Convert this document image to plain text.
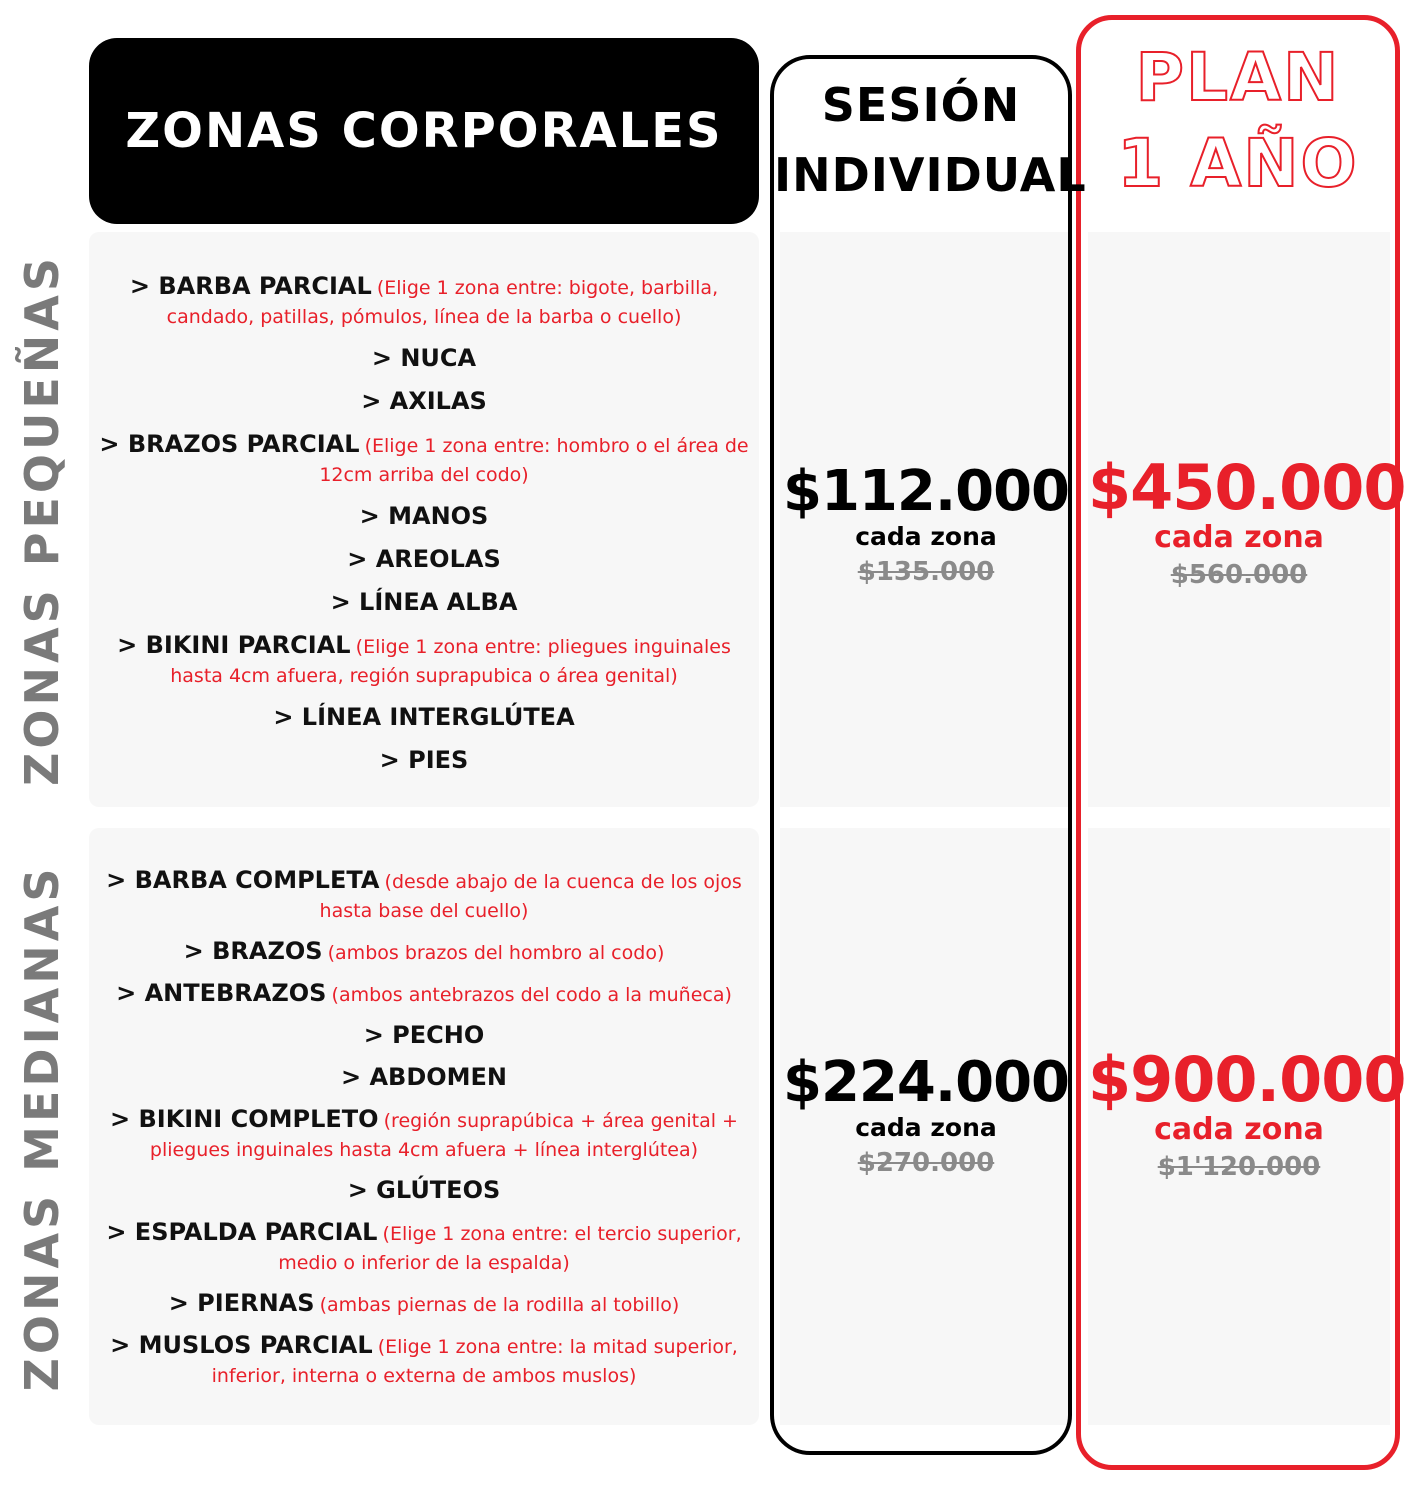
ZONAS CORPORALES	SESIÓN
INDIVIDUAL
PLAN
1 AÑO
ZONAS PEQUEÑAS
ZONAS MEDIANAS
> BARBA PARCIAL (Elige 1 zona entre: bigote, barbilla, candado, patillas, pómulos, línea de la barba o cuello)
> NUCA
> AXILAS
> BRAZOS PARCIAL (Elige 1 zona entre: hombro o el área de 12cm arriba del codo)
> MANOS
> AREOLAS
> LÍNEA ALBA
> BIKINI PARCIAL (Elige 1 zona entre: pliegues inguinales hasta 4cm afuera, región suprapubica o área genital)
> LÍNEA INTERGLÚTEA
> PIES
> BARBA COMPLETA (desde abajo de la cuenca de los ojos hasta base del cuello)
> BRAZOS (ambos brazos del hombro al codo)
> ANTEBRAZOS (ambos antebrazos del codo a la muñeca)
> PECHO
> ABDOMEN
> BIKINI COMPLETO (región suprapúbica + área genital + pliegues inguinales hasta 4cm afuera + línea interglútea)
> GLÚTEOS
> ESPALDA PARCIAL (Elige 1 zona entre: el tercio superior, medio o inferior de la espalda)
> PIERNAS (ambas piernas de la rodilla al tobillo)
> MUSLOS PARCIAL (Elige 1 zona entre: la mitad superior, inferior, interna o externa de ambos muslos)
$112.000
cada zona
$135.000
$450.000
cada zona
$560.000
$224.000
cada zona
$270.000
$900.000
cada zona
$1'120.000
